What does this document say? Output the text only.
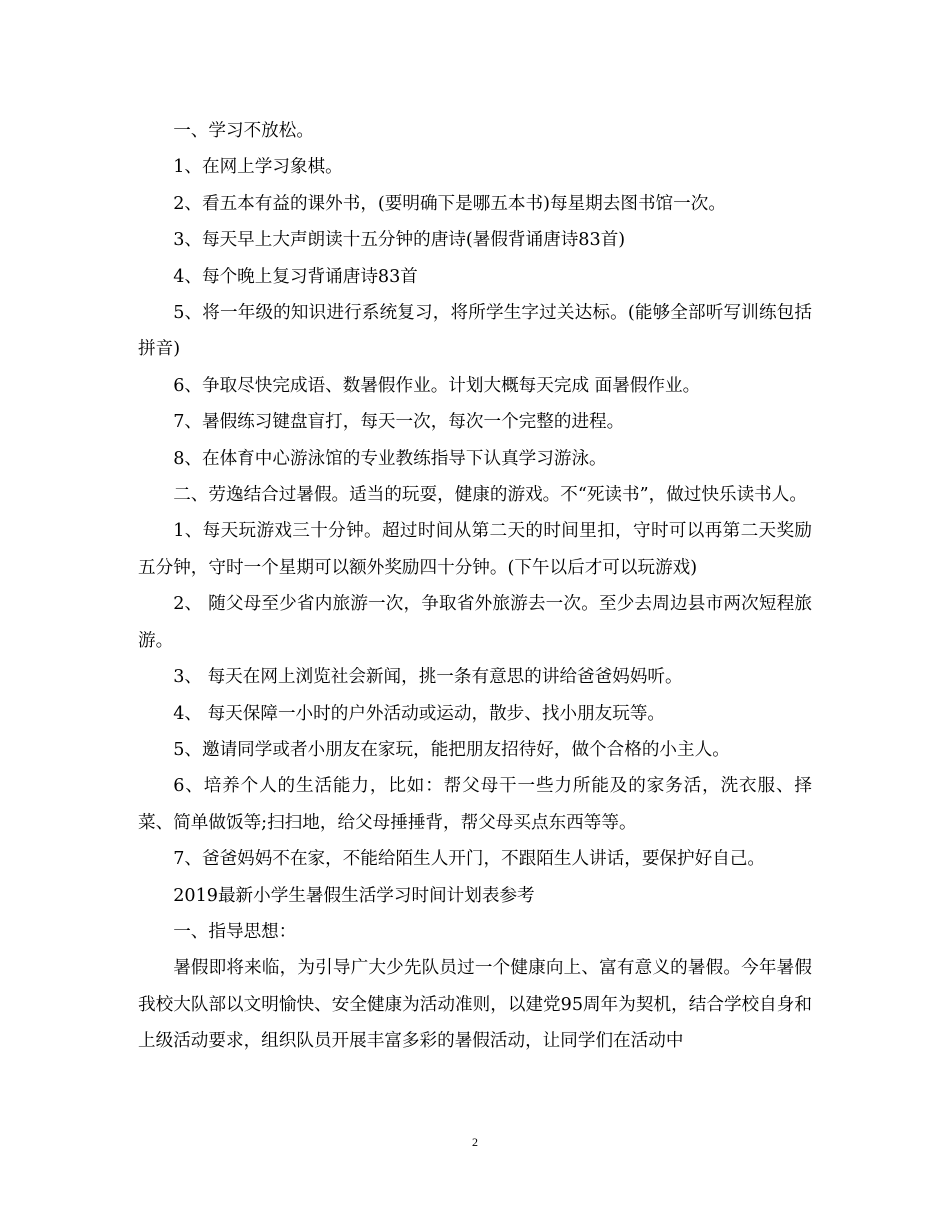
一、学习不放松。

1、在网上学习象棋。

2、看五本有益的课外书，(要明确下是哪五本书)每星期去图书馆一次。

3、每天早上大声朗读十五分钟的唐诗(暑假背诵唐诗83首)

4、每个晚上复习背诵唐诗83首

5、将一年级的知识进行系统复习，将所学生字过关达标。(能够全部听写训练包括拼音)

6、争取尽快完成语、数暑假作业。计划大概每天完成 面暑假作业。

7、暑假练习键盘盲打，每天一次，每次一个完整的进程。

8、在体育中心游泳馆的专业教练指导下认真学习游泳。

二、劳逸结合过暑假。适当的玩耍，健康的游戏。不“死读书”，做过快乐读书人。

1、每天玩游戏三十分钟。超过时间从第二天的时间里扣，守时可以再第二天奖励五分钟，守时一个星期可以额外奖励四十分钟。(下午以后才可以玩游戏)

2、 随父母至少省内旅游一次，争取省外旅游去一次。至少去周边县市两次短程旅游。

3、 每天在网上浏览社会新闻，挑一条有意思的讲给爸爸妈妈听。

4、 每天保障一小时的户外活动或运动，散步、找小朋友玩等。

5、邀请同学或者小朋友在家玩，能把朋友招待好，做个合格的小主人。

6、培养个人的生活能力，比如：帮父母干一些力所能及的家务活，洗衣服、择菜、简单做饭等;扫扫地，给父母捶捶背，帮父母买点东西等等。

7、爸爸妈妈不在家，不能给陌生人开门，不跟陌生人讲话，要保护好自己。

2019最新小学生暑假生活学习时间计划表参考

一、指导思想：

暑假即将来临，为引导广大少先队员过一个健康向上、富有意义的暑假。今年暑假我校大队部以文明愉快、安全健康为活动准则，以建党95周年为契机，结合学校自身和上级活动要求，组织队员开展丰富多彩的暑假活动，让同学们在活动中

2
